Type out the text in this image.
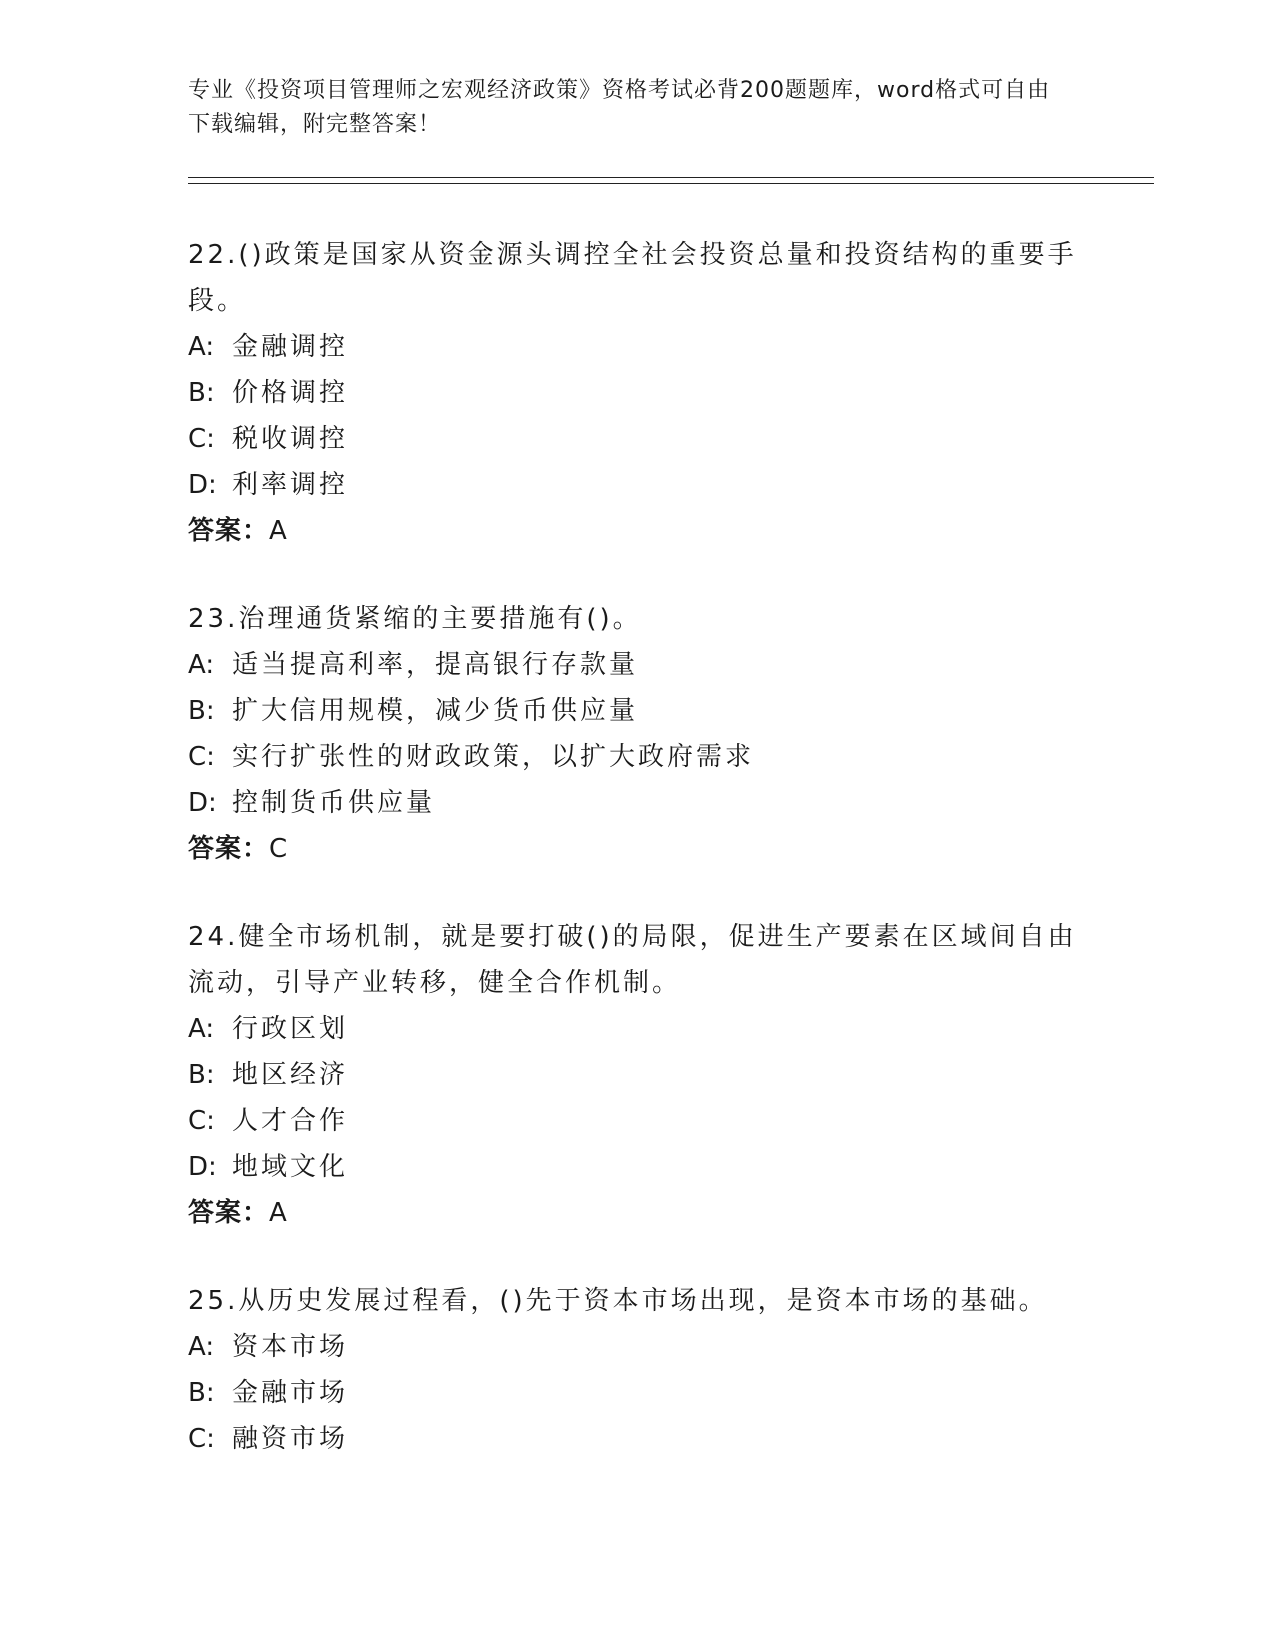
专业《投资项目管理师之宏观经济政策》资格考试必背200题题库，word格式可自由下载编辑，附完整答案！

22.()政策是国家从资金源头调控全社会投资总量和投资结构的重要手段。

A: 金融调控

B: 价格调控

C: 税收调控

D: 利率调控

答案：A

23.治理通货紧缩的主要措施有()。

A: 适当提高利率，提高银行存款量

B: 扩大信用规模，减少货币供应量

C: 实行扩张性的财政政策，以扩大政府需求

D: 控制货币供应量

答案：C

24.健全市场机制，就是要打破()的局限，促进生产要素在区域间自由流动，引导产业转移，健全合作机制。

A: 行政区划

B: 地区经济

C: 人才合作

D: 地域文化

答案：A

25.从历史发展过程看，()先于资本市场出现，是资本市场的基础。

A: 资本市场

B: 金融市场

C: 融资市场
